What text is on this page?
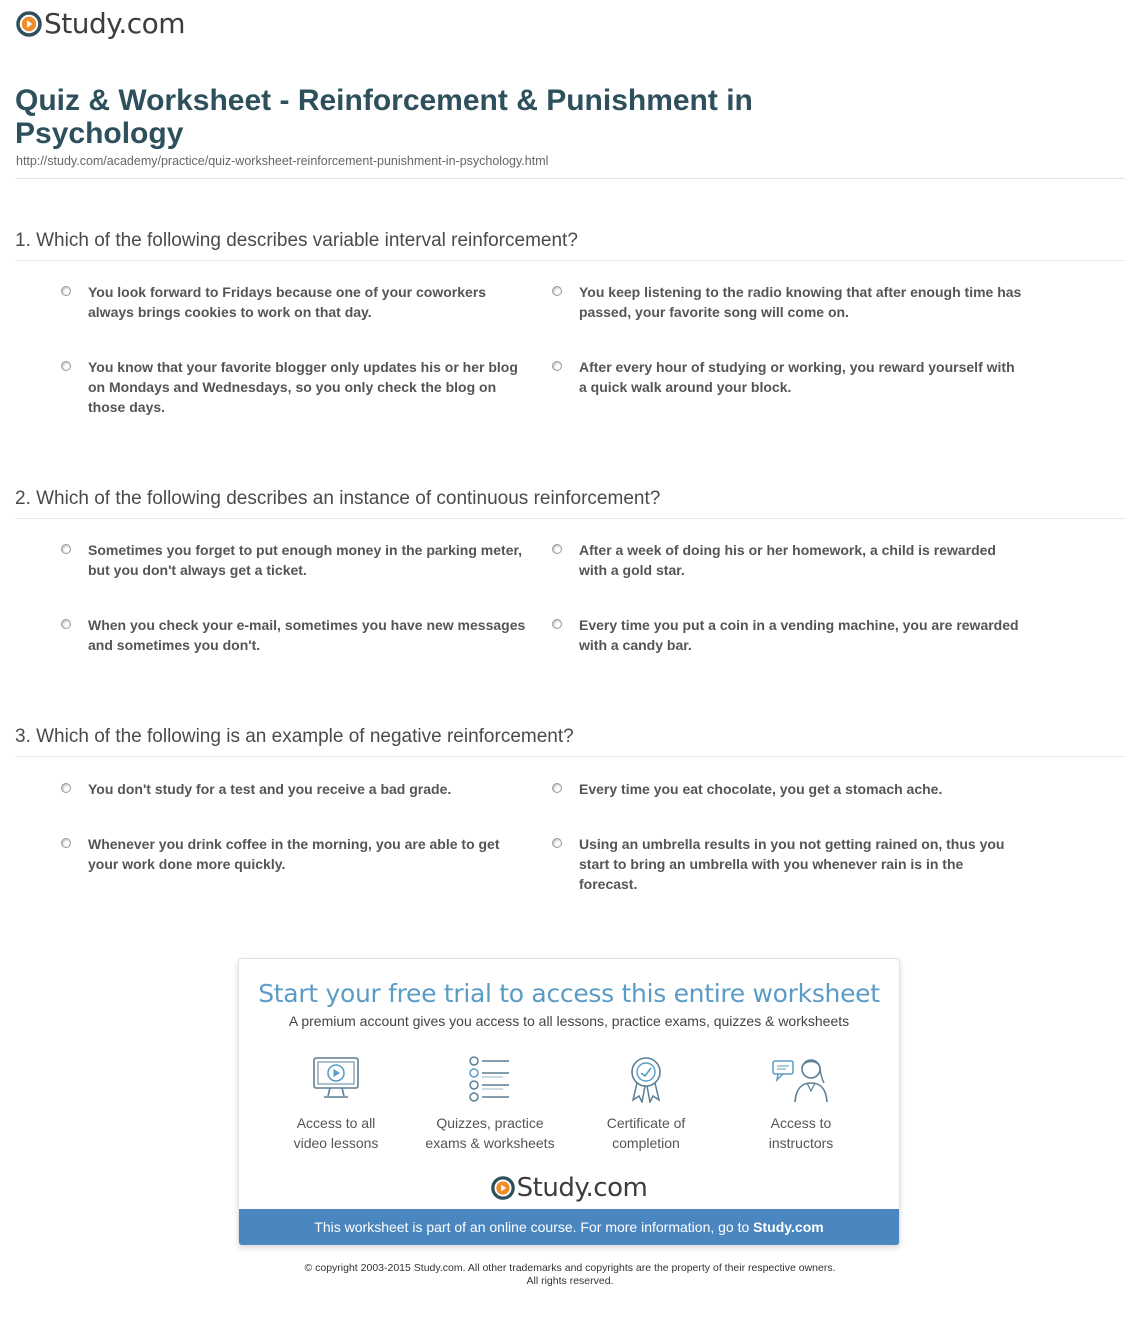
Study.com
Quiz & Worksheet - Reinforcement & Punishment in Psychology
http://study.com/academy/practice/quiz-worksheet-reinforcement-punishment-in-psychology.html
1. Which of the following describes variable interval reinforcement?
You look forward to Fridays because one of your coworkers always brings cookies to work on that day.
You keep listening to the radio knowing that after enough time has passed, your favorite song will come on.
You know that your favorite blogger only updates his or her blog on Mondays and Wednesdays, so you only check the blog on those days.
After every hour of studying or working, you reward yourself with a quick walk around your block.
2. Which of the following describes an instance of continuous reinforcement?
Sometimes you forget to put enough money in the parking meter, but you don't always get a ticket.
After a week of doing his or her homework, a child is rewarded with a gold star.
When you check your e-mail, sometimes you have new messages and sometimes you don't.
Every time you put a coin in a vending machine, you are rewarded with a candy bar.
3. Which of the following is an example of negative reinforcement?
You don't study for a test and you receive a bad grade.	Every time you eat chocolate, you get a stomach ache.
Whenever you drink coffee in the morning, you are able to get your work done more quickly.
Using an umbrella results in you not getting rained on, thus you start to bring an umbrella with you whenever rain is in the forecast.
Start your free trial to access this entire worksheet
A premium account gives you access to all lessons, practice exams, quizzes & worksheets
Access to all
video lessons
Quizzes, practice
exams & worksheets
Certificate of
completion
Access to
instructors
Study.com
This worksheet is part of an online course. For more information, go to Study.com
© copyright 2003-2015 Study.com. All other trademarks and copyrights are the property of their respective owners.
All rights reserved.
